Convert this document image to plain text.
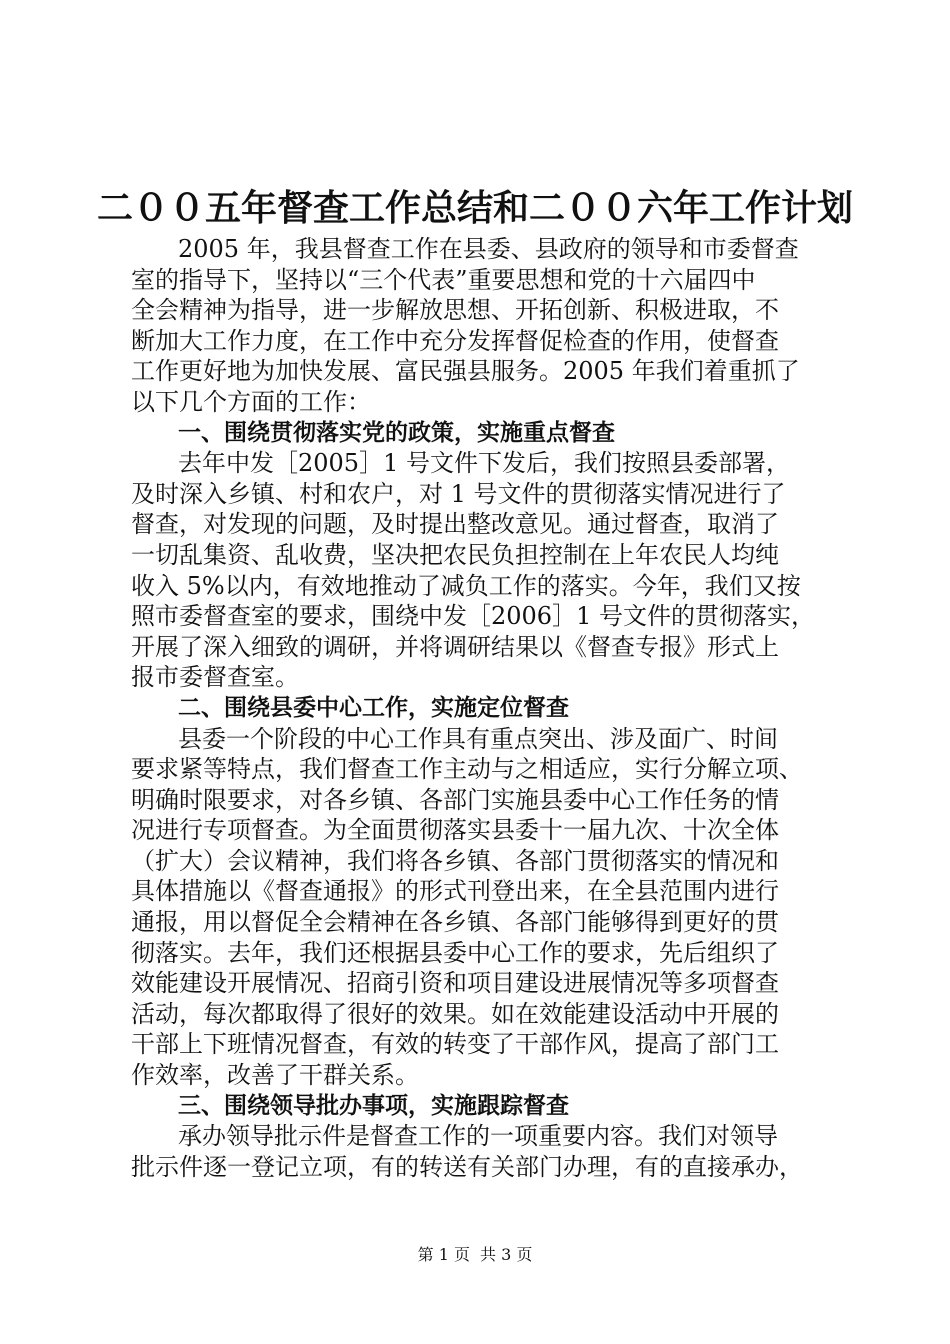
二００五年督查工作总结和二００六年工作计划
2005 年，我县督查工作在县委、县政府的领导和市委督查
室的指导下，坚持以“三个代表”重要思想和党的十六届四中
全会精神为指导，进一步解放思想、开拓创新、积极进取，不
断加大工作力度，在工作中充分发挥督促检查的作用，使督查
工作更好地为加快发展、富民强县服务。2005 年我们着重抓了
以下几个方面的工作：
一、围绕贯彻落实党的政策，实施重点督查
去年中发［2005］1 号文件下发后，我们按照县委部署，
及时深入乡镇、村和农户，对 1 号文件的贯彻落实情况进行了
督查，对发现的问题，及时提出整改意见。通过督查，取消了
一切乱集资、乱收费，坚决把农民负担控制在上年农民人均纯
收入 5%以内，有效地推动了减负工作的落实。今年，我们又按
照市委督查室的要求，围绕中发［2006］1 号文件的贯彻落实，
开展了深入细致的调研，并将调研结果以《督查专报》形式上
报市委督查室。
二、围绕县委中心工作，实施定位督查
县委一个阶段的中心工作具有重点突出、涉及面广、时间
要求紧等特点，我们督查工作主动与之相适应，实行分解立项、
明确时限要求，对各乡镇、各部门实施县委中心工作任务的情
况进行专项督查。为全面贯彻落实县委十一届九次、十次全体
（扩大）会议精神，我们将各乡镇、各部门贯彻落实的情况和
具体措施以《督查通报》的形式刊登出来，在全县范围内进行
通报，用以督促全会精神在各乡镇、各部门能够得到更好的贯
彻落实。去年，我们还根据县委中心工作的要求，先后组织了
效能建设开展情况、招商引资和项目建设进展情况等多项督查
活动，每次都取得了很好的效果。如在效能建设活动中开展的
干部上下班情况督查，有效的转变了干部作风，提高了部门工
作效率，改善了干群关系。
三、围绕领导批办事项，实施跟踪督查
承办领导批示件是督查工作的一项重要内容。我们对领导
批示件逐一登记立项，有的转送有关部门办理，有的直接承办，
第 1 页 共 3 页
